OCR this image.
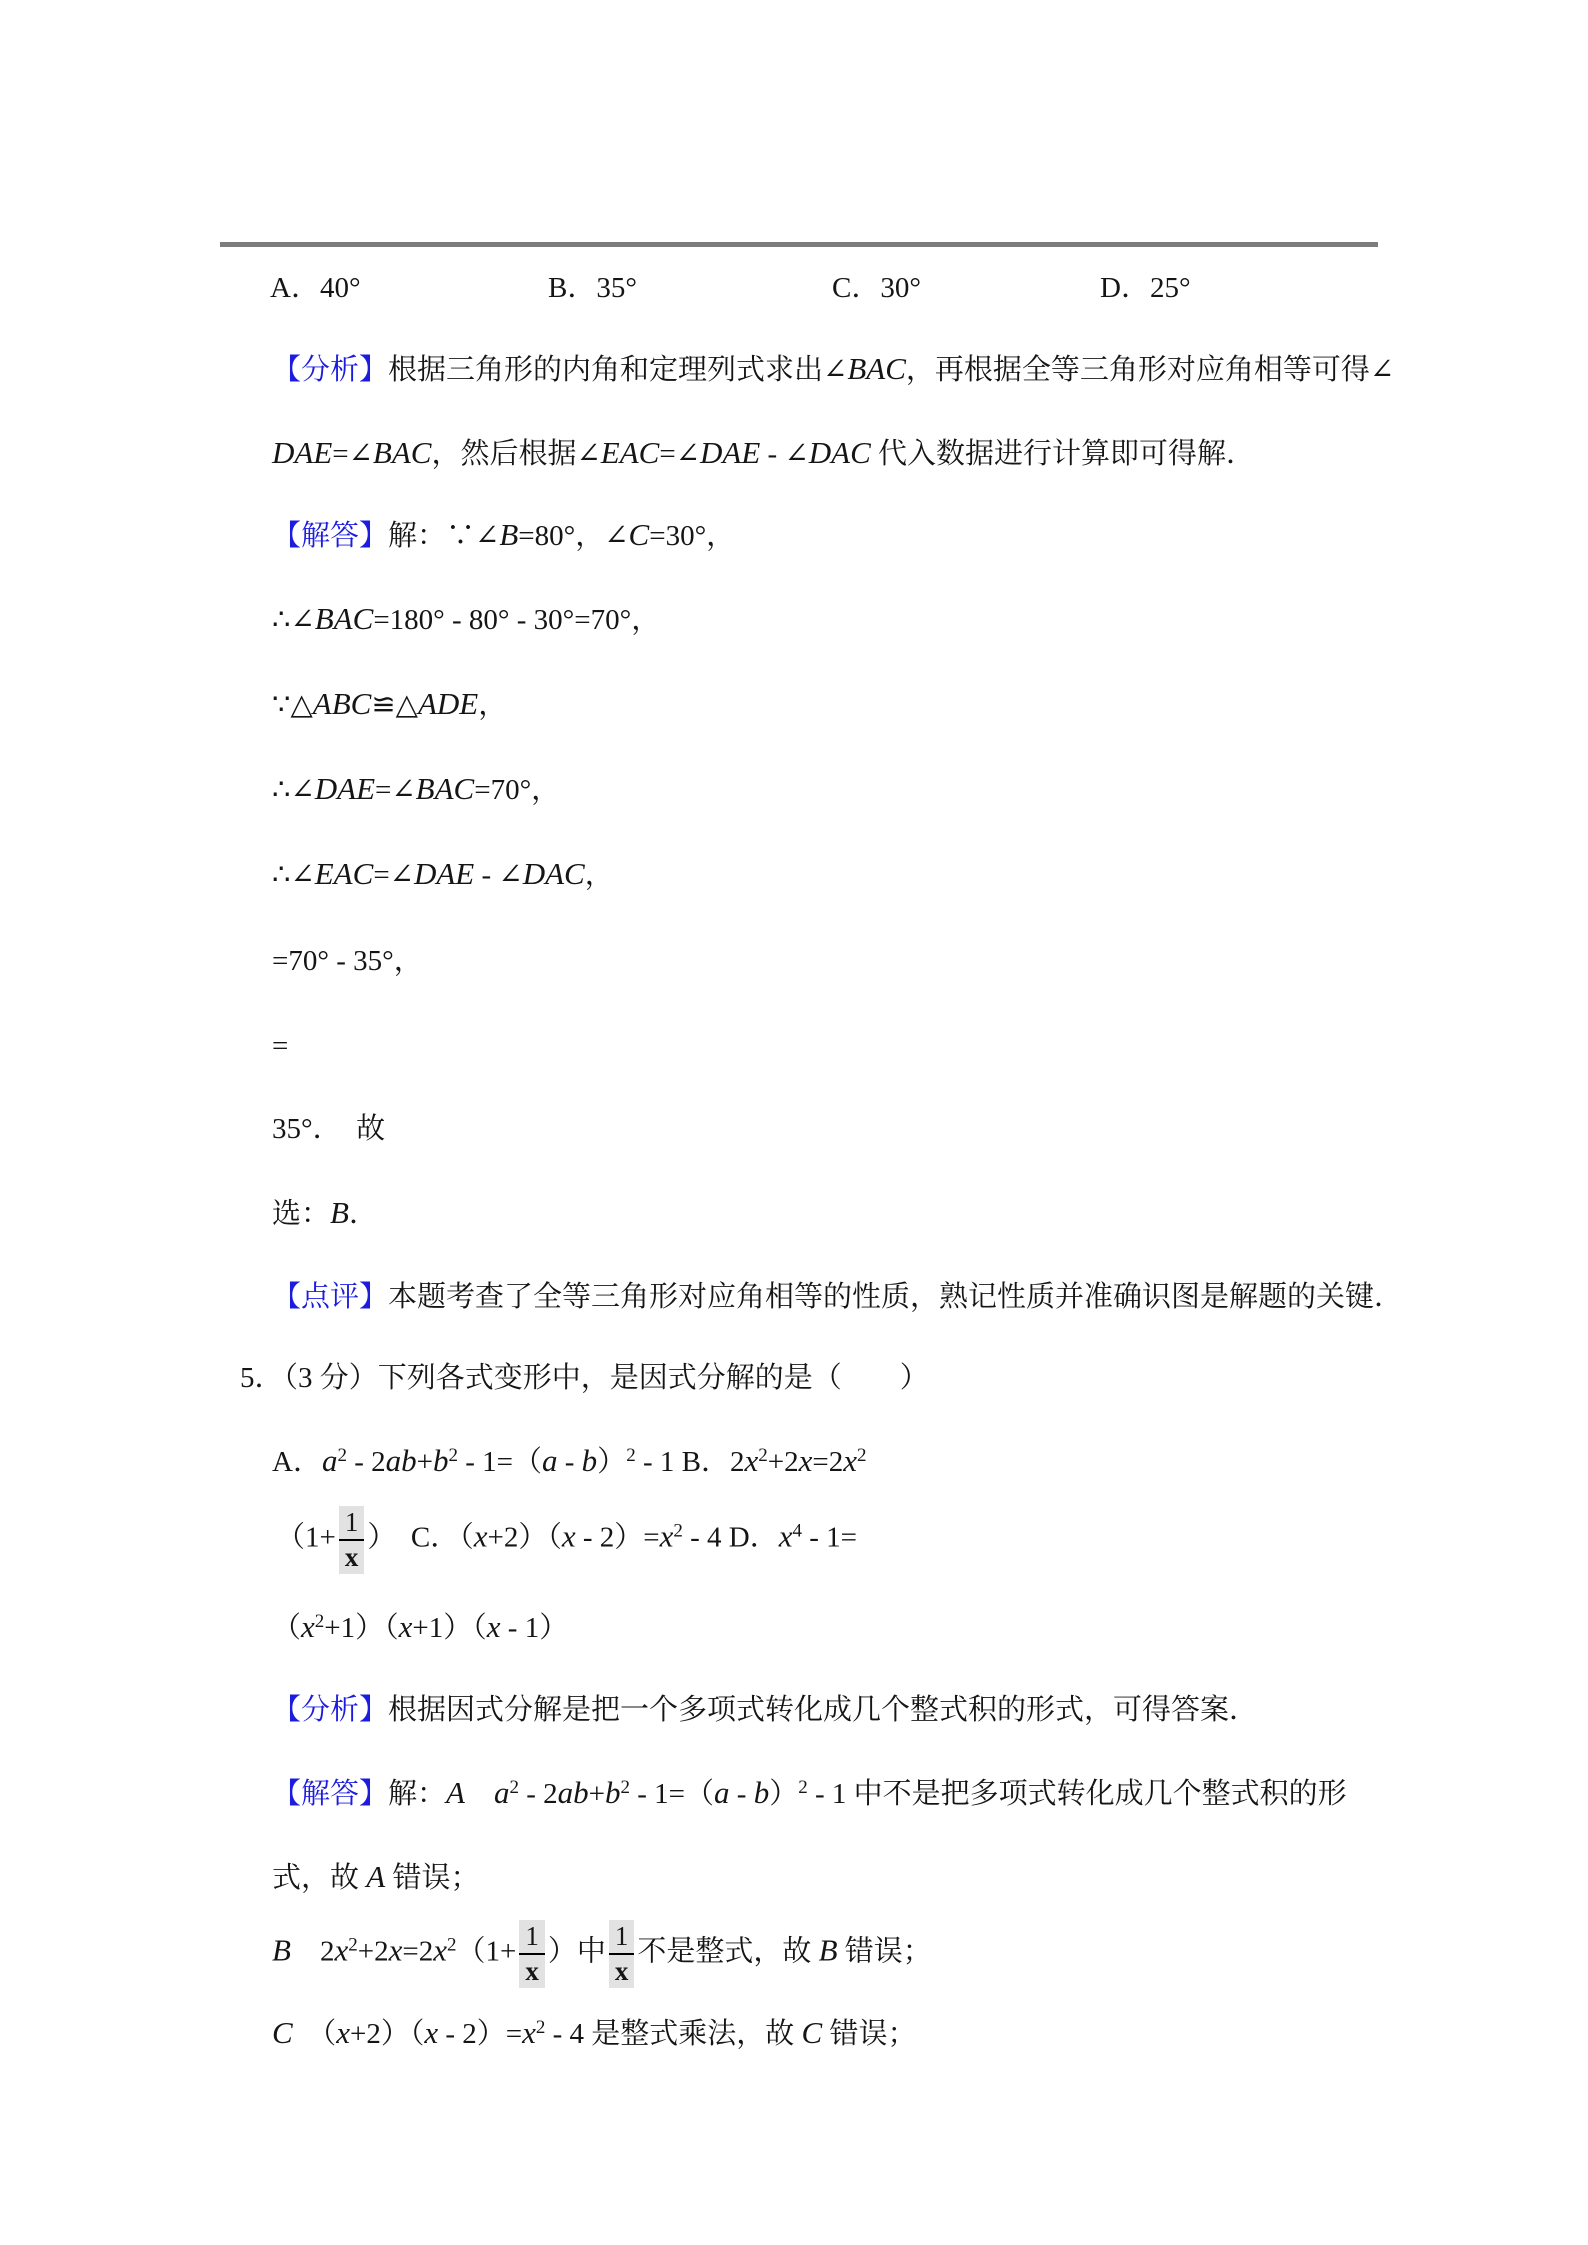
A．40°	B．35°	C．30°	D．25°
【分析】根据三角形的内角和定理列式求出∠BAC，再根据全等三角形对应角相等可得∠
DAE=∠BAC，然后根据∠EAC=∠DAE - ∠DAC 代入数据进行计算即可得解．
【解答】解：∵∠B=80°，∠C=30°，
∴∠BAC=180° - 80° - 30°=70°，
∵△ABC≌△ADE，
∴∠DAE=∠BAC=70°，
∴∠EAC=∠DAE - ∠DAC，
=70° - 35°，
=
35°．　故
选：B．
【点评】本题考查了全等三角形对应角相等的性质，熟记性质并准确识图是解题的关键．
5．（3 分）下列各式变形中，是因式分解的是（　　）
A．$a^2 - 2ab+b^2 - 1=(a - b)^2 - 1$ B．$2x^2+2x=2x^2$
（$1+ \frac{1}{x}$ ）　C．$(x+2)(x - 2)=x^2 - 4$ D．$x^4 - 1=$
$(x^2+1)(x+1)(x - 1)$
【分析】根据因式分解是把一个多项式转化成几个整式积的形式，可得答案．
【解答】解：A　 $a^2 - 2ab+b^2 - 1=(a - b)^2 - 1$ 中不是把多项式转化成几个整式积的形
式，故 A 错误；
B　$2x^2+2x=2x^2(1+ \frac{1}{x}$ ）中 $\frac{1}{x}$ 不是整式，故 B 错误；
C　$(x+2)(x - 2)=x^2 - 4$ 是整式乘法，故 C 错误；
